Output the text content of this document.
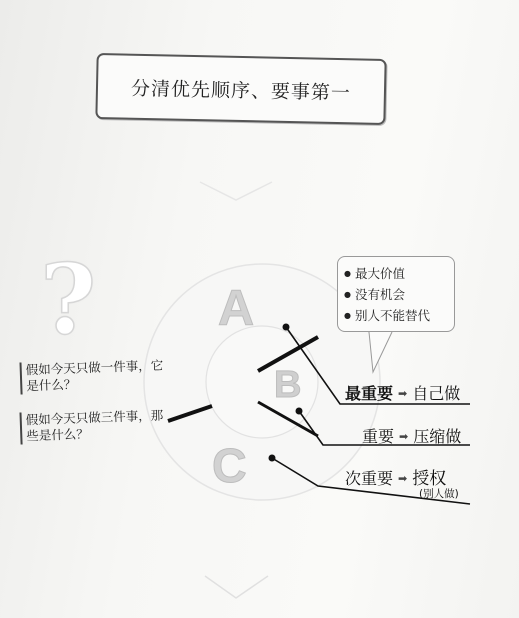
分清优先顺序、要事第一
?
假如今天只做一件事，它是什么？
假如今天只做三件事，那些是什么？
A
B
C
● 最大价值
● 没有机会
● 别人不能替代
最重要 ➡ 自己做
重要 ➡ 压缩做
次重要 ➡ 授权
(别人做)
